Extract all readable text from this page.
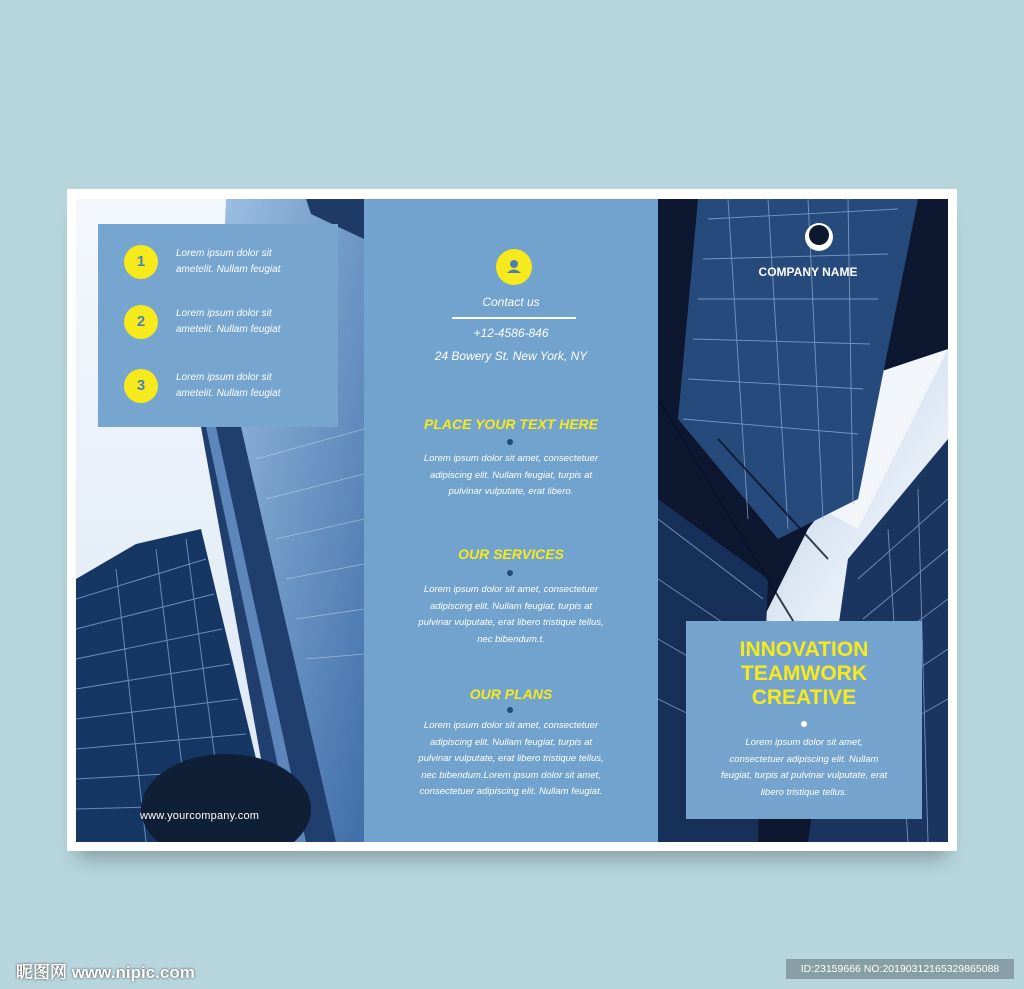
1	Lorem ipsum dolor sit
ametelit. Nullam feugiat
2	Lorem ipsum dolor sit
ametelit. Nullam feugiat
3	Lorem ipsum dolor sit
ametelit. Nullam feugiat
www.yourcompany.com
Contact us
+12-4586-846
24 Bowery St. New York, NY
PLACE YOUR TEXT HERE
Lorem ipsum dolor sit amet, consectetuer
adipiscing elit. Nullam feugiat, turpis at
pulvinar vulputate, erat libero.
OUR SERVICES
Lorem ipsum dolor sit amet, consectetuer
adipiscing elit. Nullam feugiat, turpis at
pulvinar vulputate, erat libero tristique tellus,
nec bibendum.t.
OUR PLANS
Lorem ipsum dolor sit amet, consectetuer
adipiscing elit. Nullam feugiat, turpis at
pulvinar vulputate, erat libero tristique tellus,
nec bibendum.Lorem ipsum dolor sit amet,
consectetuer adipiscing elit. Nullam feugiat.
COMPANY NAME
INNOVATION
TEAMWORK
CREATIVE
Lorem ipsum dolor sit amet,
consectetuer adipiscing elit. Nullam
feugiat, turpis at pulvinar vulputate, erat
libero tristique tellus.
昵图网 www.nipic.com	ID:23159666 NO:20190312165329865088
